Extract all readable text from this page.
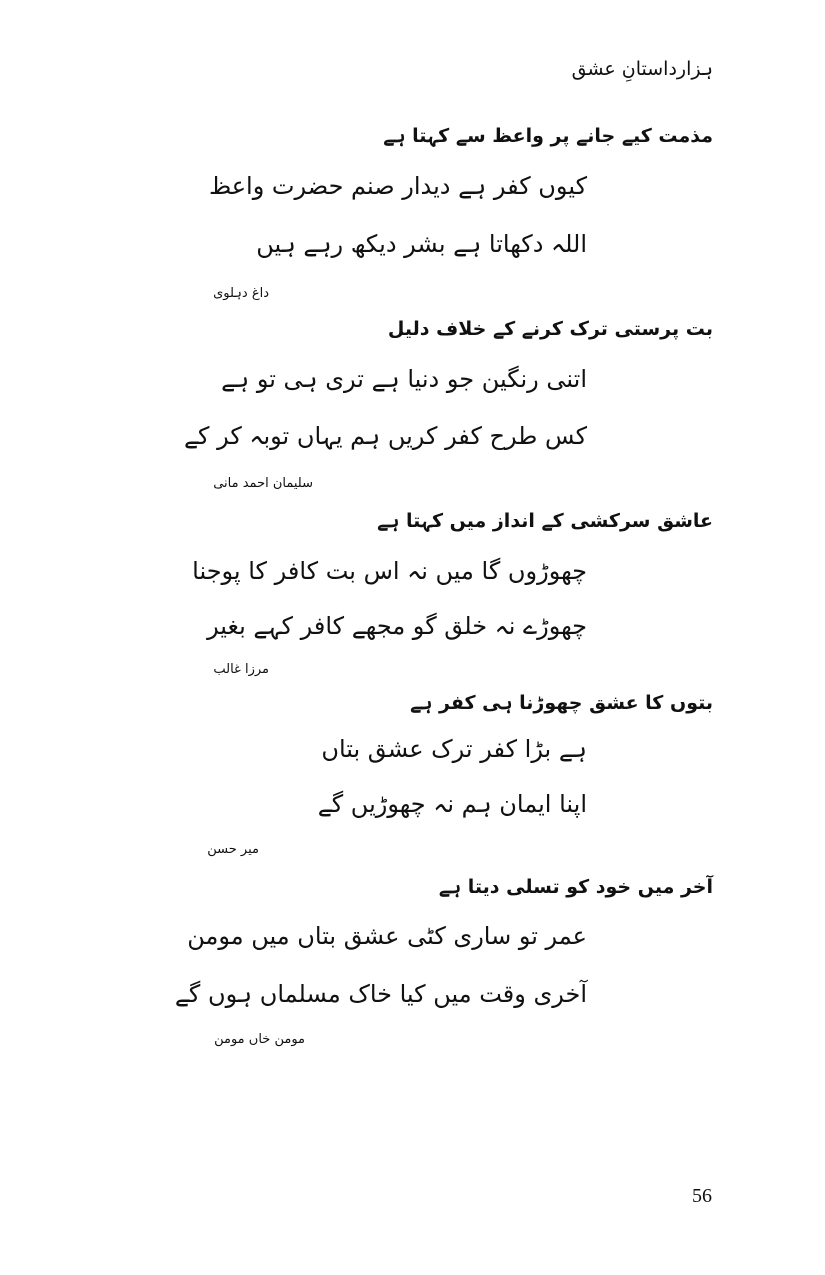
ہزارداستانِ عشق
مذمت کیے جانے پر واعظ سے کہتا ہے
کیوں کفر ہے دیدار صنم حضرت واعظ
اللہ دکھاتا ہے بشر دیکھ رہے ہیں
داغ دہلوی
بت پرستی ترک کرنے کے خلاف دلیل
اتنی رنگین جو دنیا ہے تری ہی تو ہے
کس طرح کفر کریں ہم یہاں توبہ کر کے
سلیمان احمد مانی
عاشق سرکشی کے انداز میں کہتا ہے
چھوڑوں گا میں نہ اس بت کافر کا پوجنا
چھوڑے نہ خلق گو مجھے کافر کہے بغیر
مرزا غالب
بتوں کا عشق چھوڑنا ہی کفر ہے
ہے بڑا کفر ترک عشق بتاں
اپنا ایمان ہم نہ چھوڑیں گے
میر حسن
آخر میں خود کو تسلی دیتا ہے
عمر تو ساری کٹی عشق بتاں میں مومن
آخری وقت میں کیا خاک مسلماں ہوں گے
مومن خاں مومن
56
